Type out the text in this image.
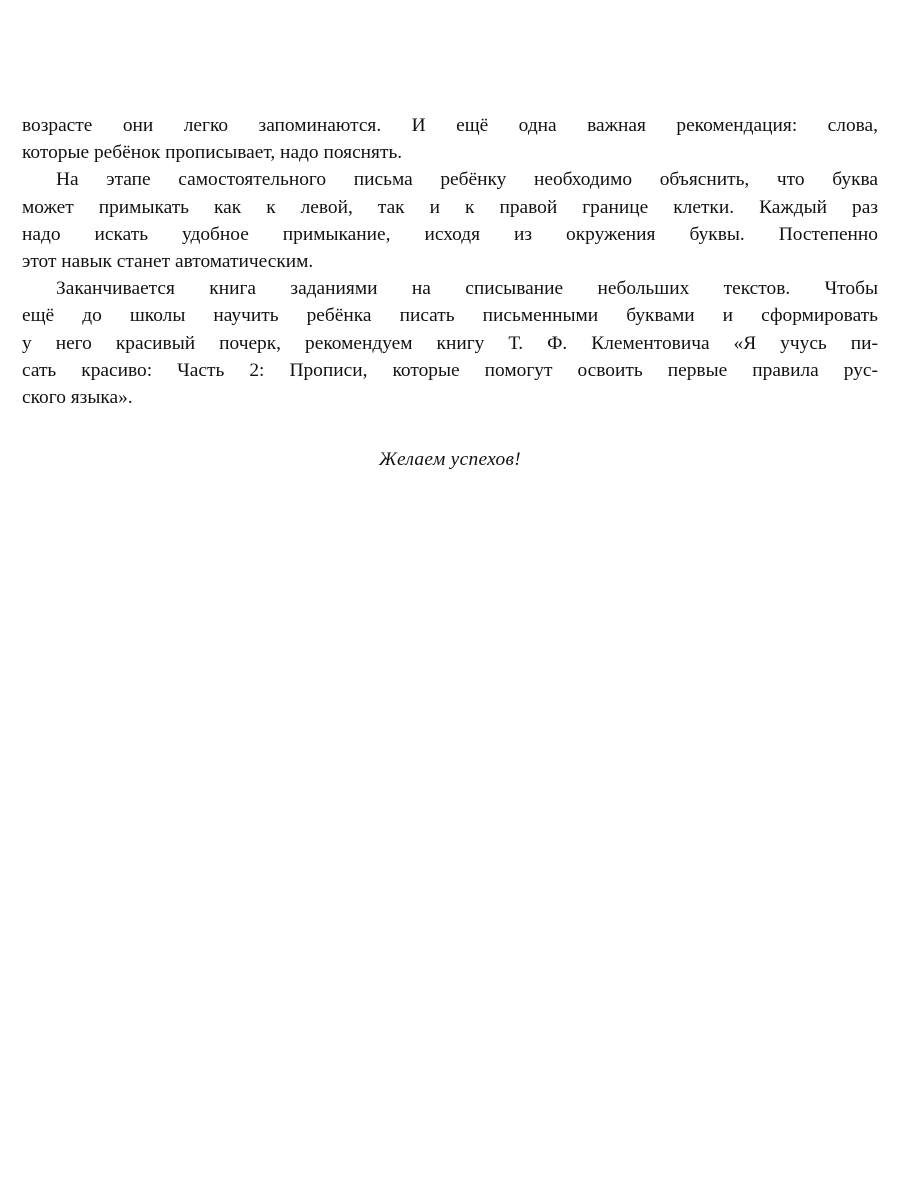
возрасте они легко запоминаются. И ещё одна важная рекомендация: слова,
которые ребёнок прописывает, надо пояснять.
На этапе самостоятельного письма ребёнку необходимо объяснить, что буква
может примыкать как к левой, так и к правой границе клетки. Каждый раз
надо искать удобное примыкание, исходя из окружения буквы. Постепенно
этот навык станет автоматическим.
Заканчивается книга заданиями на списывание небольших текстов. Чтобы
ещё до школы научить ребёнка писать письменными буквами и сформировать
у него красивый почерк, рекомендуем книгу Т. Ф. Клементовича «Я учусь пи-
сать красиво: Часть 2: Прописи, которые помогут освоить первые правила рус-
ского языка».
Желаем успехов!
